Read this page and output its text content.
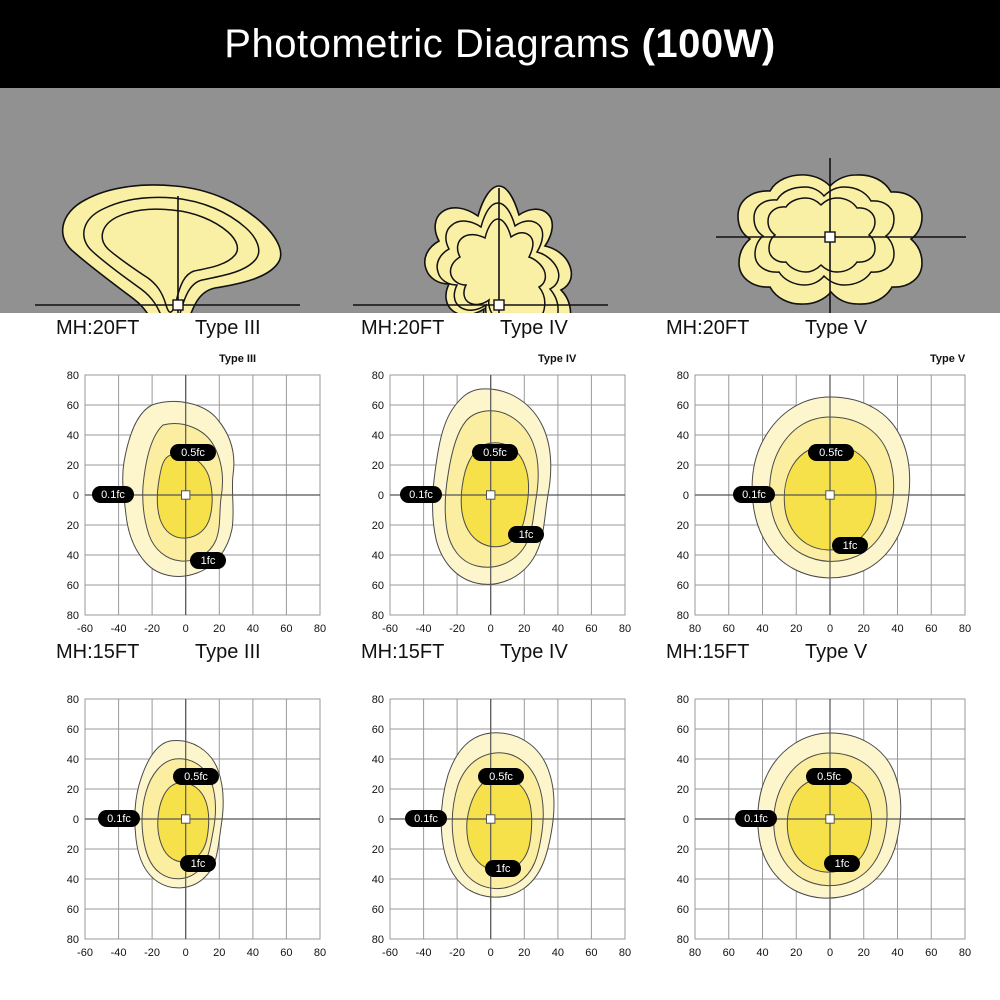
Photometric Diagrams (100W)
Type III	Type IV	Type V
MH:20FT	Type III
0.5fc
0.1fc
1fc
80
60
40
20
0
20
40
60
80
-60 -40 -20 0 20 40 60 80
MH:20FT	Type IV
0.5fc
0.1fc
1fc
80
60
40
20
0
20
40
60
80
-60 -40 -20 0 20 40 60 80
MH:20FT	Type V
0.5fc
0.1fc
1fc
80
60
40
20
0
20
40
60
80
80 60 40 20 0 20 40 60 80
MH:15FT	Type III
0.5fc
0.1fc
1fc
80
60
40
20
0
20
40
60
80
-60 -40 -20 0 20 40 60 80
MH:15FT	Type IV
0.5fc
0.1fc
1fc
80
60
40
20
0
20
40
60
80
-60 -40 -20 0 20 40 60 80
MH:15FT	Type V
0.5fc
0.1fc
1fc
80
60
40
20
0
20
40
60
80
80 60 40 20 0 20 40 60 80
